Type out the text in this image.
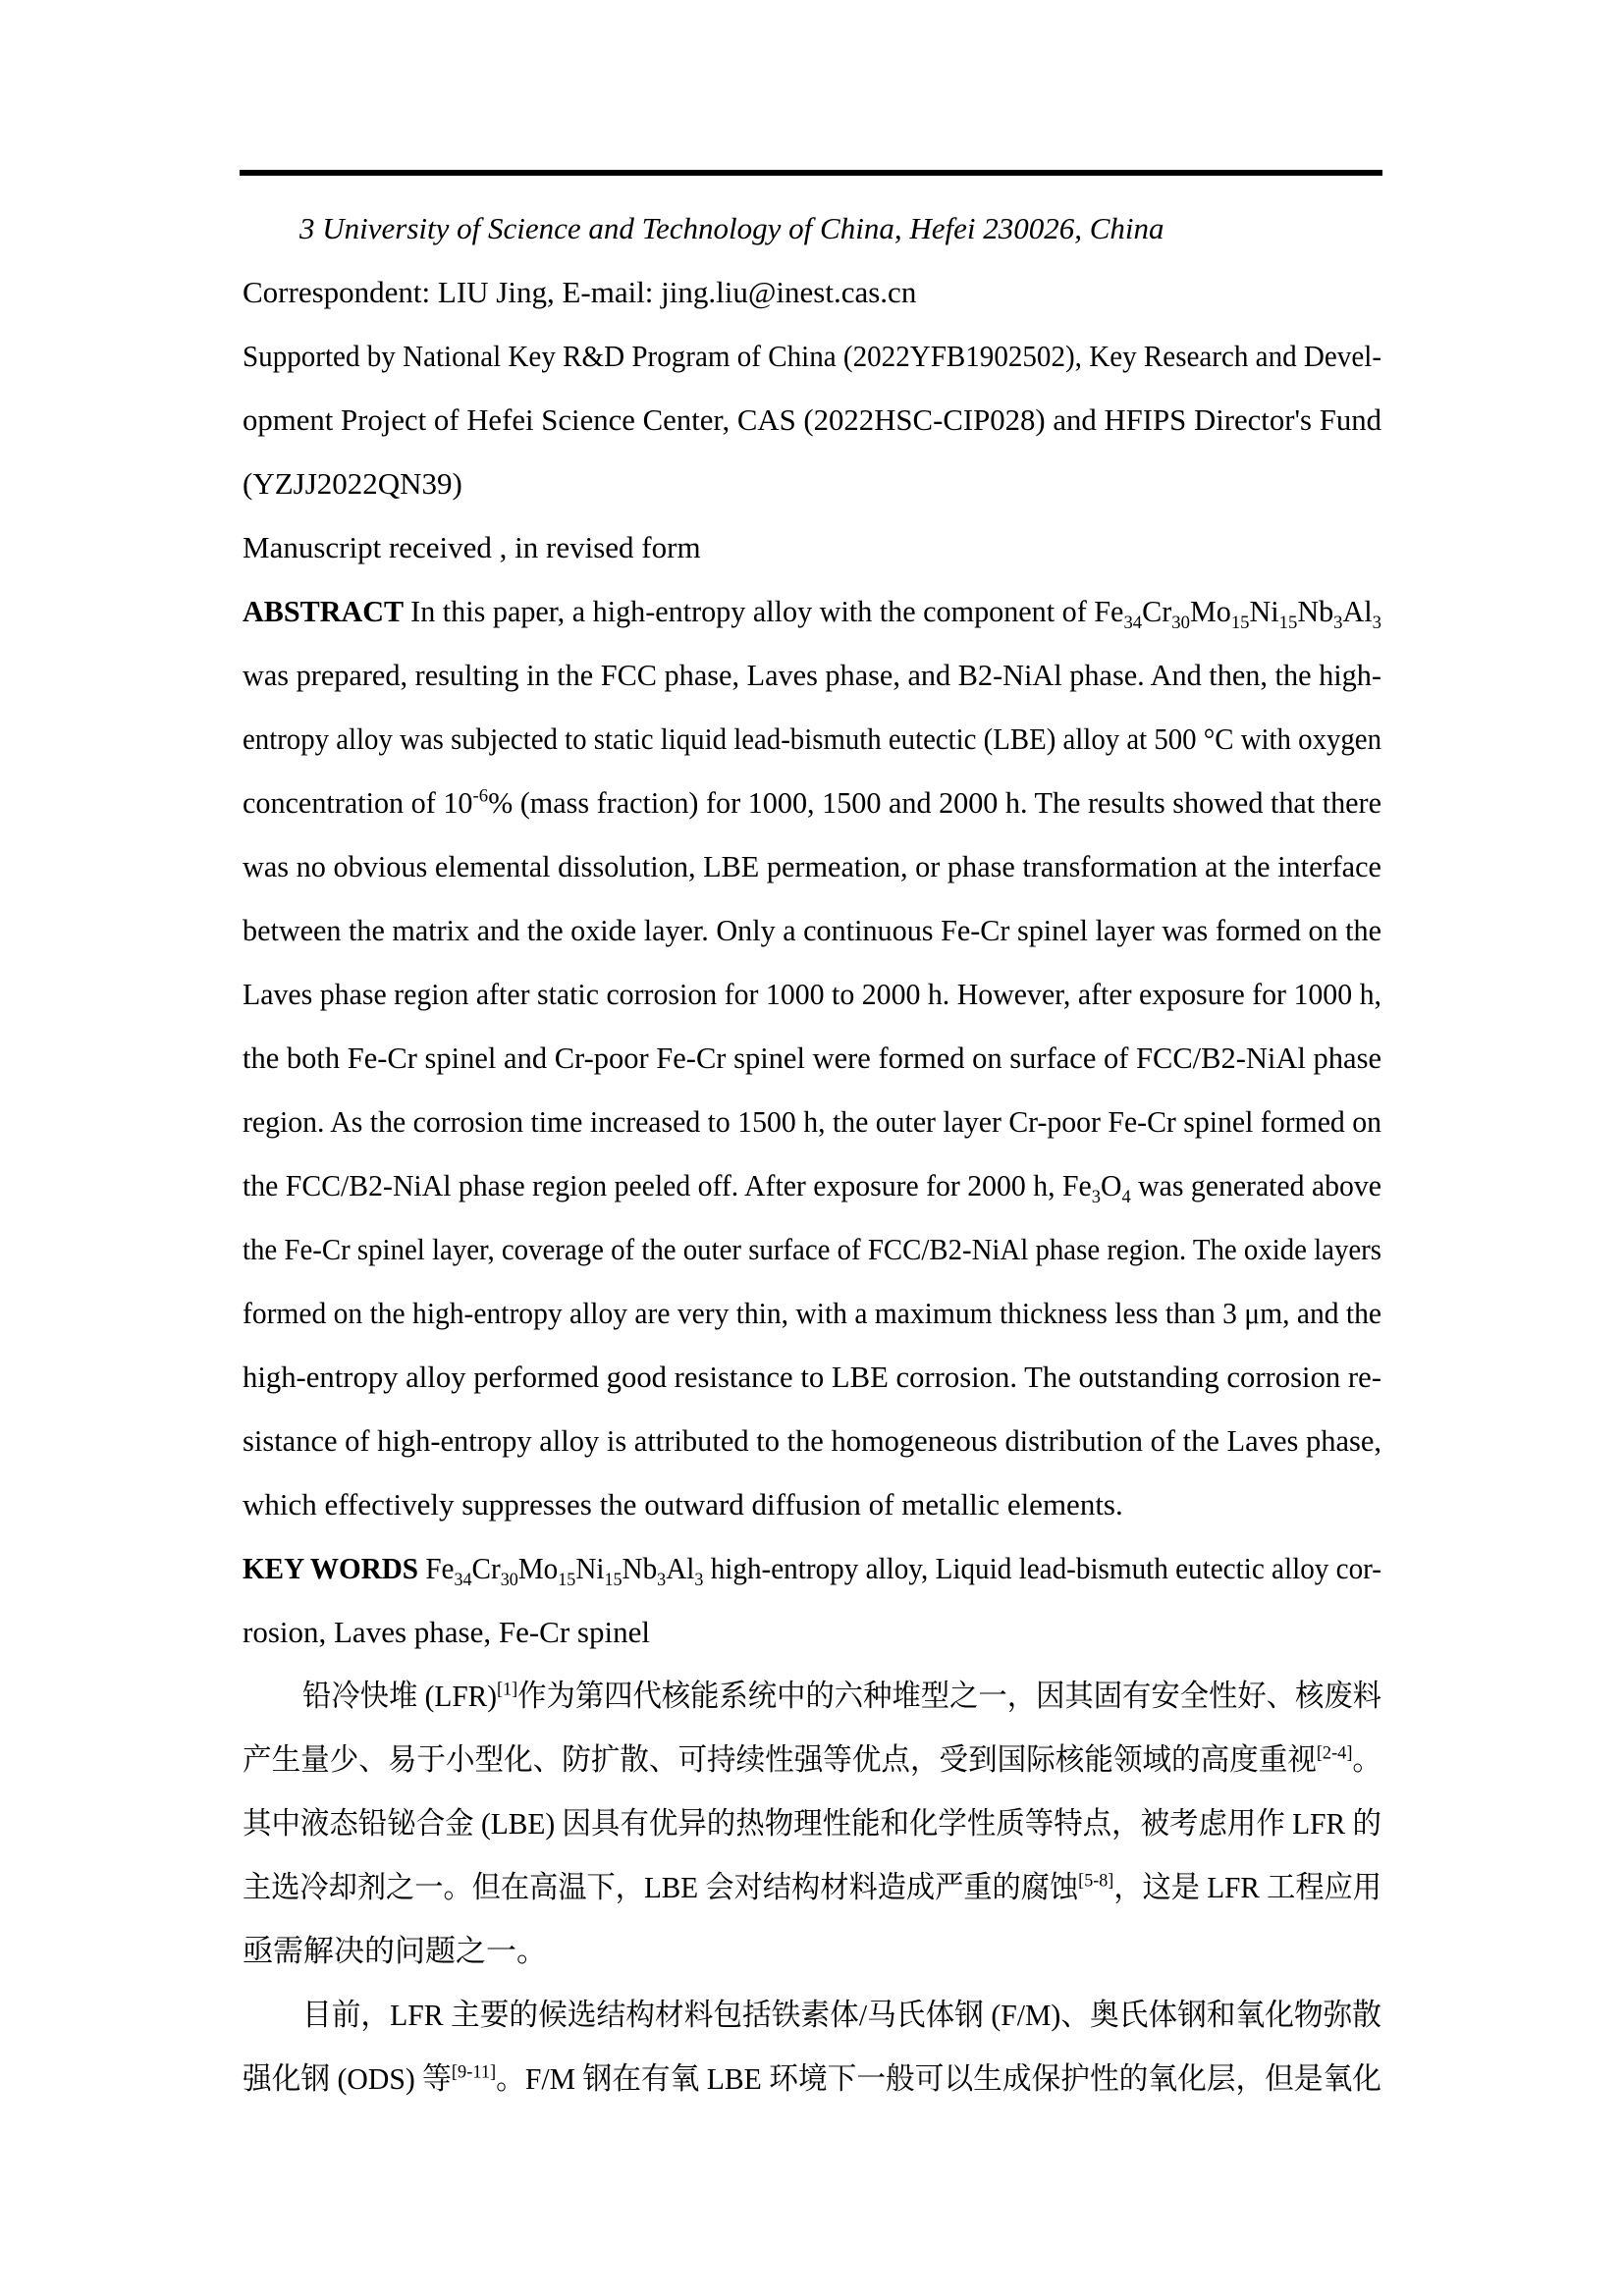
3 University of Science and Technology of China, Hefei 230026, China
Correspondent: LIU Jing, E-mail: jing.liu@inest.cas.cn
Supported by National Key R&D Program of China (2022YFB1902502), Key Research and Devel-
opment Project of Hefei Science Center, CAS (2022HSC-CIP028) and HFIPS Director's Fund
(YZJJ2022QN39)
Manuscript received , in revised form
ABSTRACT In this paper, a high-entropy alloy with the component of $Fe_{34}Cr_{30}Mo_{15}Ni_{15}Nb_3Al_3$
was prepared, resulting in the FCC phase, Laves phase, and B2-NiAl phase. And then, the high-
entropy alloy was subjected to static liquid lead-bismuth eutectic (LBE) alloy at 500 °C with oxygen
concentration of $10^{-6}\%$ (mass fraction) for 1000, 1500 and 2000 h. The results showed that there
was no obvious elemental dissolution, LBE permeation, or phase transformation at the interface
between the matrix and the oxide layer. Only a continuous Fe-Cr spinel layer was formed on the
Laves phase region after static corrosion for 1000 to 2000 h. However, after exposure for 1000 h,
the both Fe-Cr spinel and Cr-poor Fe-Cr spinel were formed on surface of FCC/B2-NiAl phase
region. As the corrosion time increased to 1500 h, the outer layer Cr-poor Fe-Cr spinel formed on
the FCC/B2-NiAl phase region peeled off. After exposure for 2000 h, $Fe_3O_4$ was generated above
the Fe-Cr spinel layer, coverage of the outer surface of FCC/B2-NiAl phase region. The oxide layers
formed on the high-entropy alloy are very thin, with a maximum thickness less than 3 μm, and the
high-entropy alloy performed good resistance to LBE corrosion. The outstanding corrosion re-
sistance of high-entropy alloy is attributed to the homogeneous distribution of the Laves phase,
which effectively suppresses the outward diffusion of metallic elements.
KEY WORDS $Fe_{34}Cr_{30}Mo_{15}Ni_{15}Nb_3Al_3$ high-entropy alloy, Liquid lead-bismuth eutectic alloy cor-
rosion, Laves phase, Fe-Cr spinel
铅冷快堆 (LFR)[1]作为第四代核能系统中的六种堆型之一，因其固有安全性好、核废料
产生量少、易于小型化、防扩散、可持续性强等优点，受到国际核能领域的高度重视[2-4]。
其中液态铅铋合金 (LBE) 因具有优异的热物理性能和化学性质等特点，被考虑用作 LFR 的
主选冷却剂之一。但在高温下，LBE 会对结构材料造成严重的腐蚀[5-8]，这是 LFR 工程应用
亟需解决的问题之一。
目前，LFR 主要的候选结构材料包括铁素体/马氏体钢 (F/M)、奥氏体钢和氧化物弥散
强化钢 (ODS) 等[9-11]。F/M 钢在有氧 LBE 环境下一般可以生成保护性的氧化层，但是氧化
